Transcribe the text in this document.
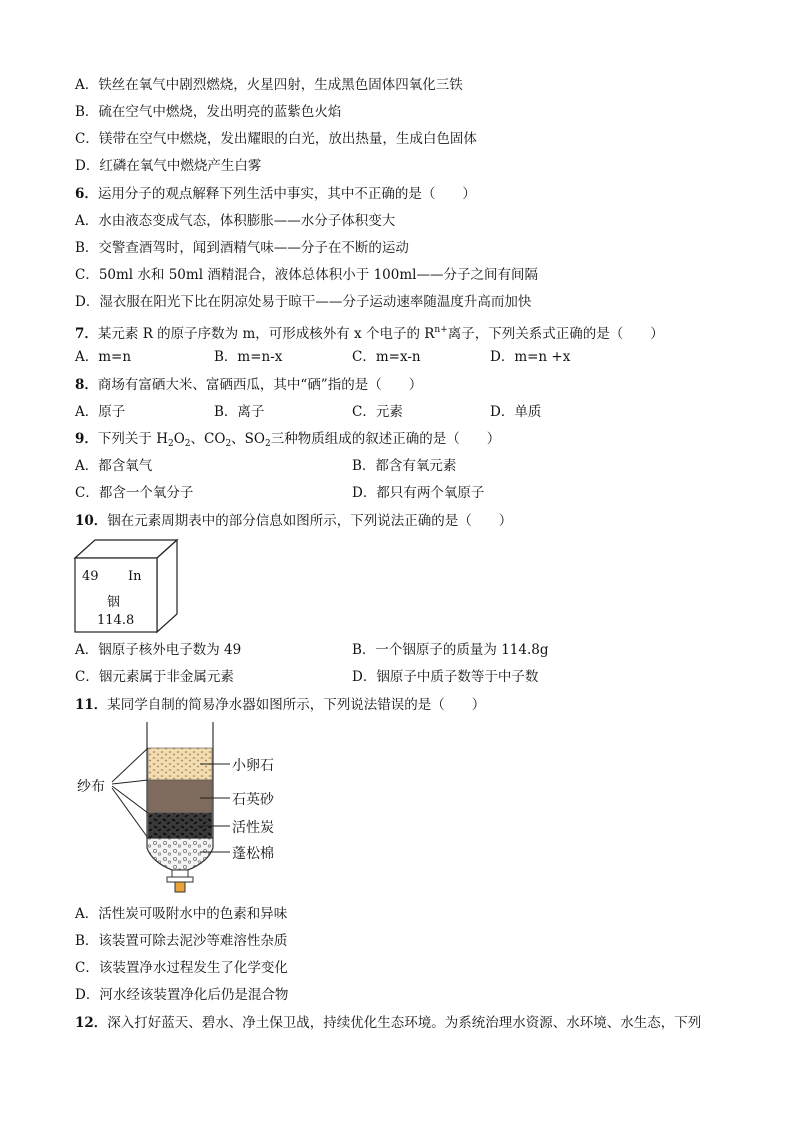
A．铁丝在氧气中剧烈燃烧，火星四射，生成黑色固体四氧化三铁
B．硫在空气中燃烧，发出明亮的蓝紫色火焰
C．镁带在空气中燃烧，发出耀眼的白光，放出热量，生成白色固体
D．红磷在氧气中燃烧产生白雾
6．运用分子的观点解释下列生活中事实，其中不正确的是（　　）
A．水由液态变成气态，体积膨胀——水分子体积变大
B．交警查酒驾时，闻到酒精气味——分子在不断的运动
C．50ml 水和 50ml 酒精混合，液体总体积小于 100ml——分子之间有间隔
D．湿衣服在阳光下比在阴凉处易于晾干——分子运动速率随温度升高而加快
7．某元素 R 的原子序数为 m，可形成核外有 x 个电子的 $R^{n+}$离子，下列关系式正确的是（　　）
A．m=n	B．m=n-x	C．m=x-n	D．m=n +x
8．商场有富硒大米、富硒西瓜，其中“硒”指的是（　　）
A．原子	B．离子	C．元素	D．单质
9．下列关于 $H_2O_2$、$CO_2$、$SO_2$三种物质组成的叙述正确的是（　　）
A．都含氧气	B．都含有氧元素
C．都含一个氧分子	D．都只有两个氧原子
10．铟在元素周期表中的部分信息如图所示，下列说法正确的是（　　）
49 In
铟
114.8
A．铟原子核外电子数为 49	B．一个铟原子的质量为 114.8g
C．铟元素属于非金属元素	D．铟原子中质子数等于中子数
11．某同学自制的简易净水器如图所示，下列说法错误的是（　　）
纱布
小卵石
石英砂
活性炭
蓬松棉
A．活性炭可吸附水中的色素和异味
B．该装置可除去泥沙等难溶性杂质
C．该装置净水过程发生了化学变化
D．河水经该装置净化后仍是混合物
12．深入打好蓝天、碧水、净土保卫战，持续优化生态环境。为系统治理水资源、水环境、水生态，下列
